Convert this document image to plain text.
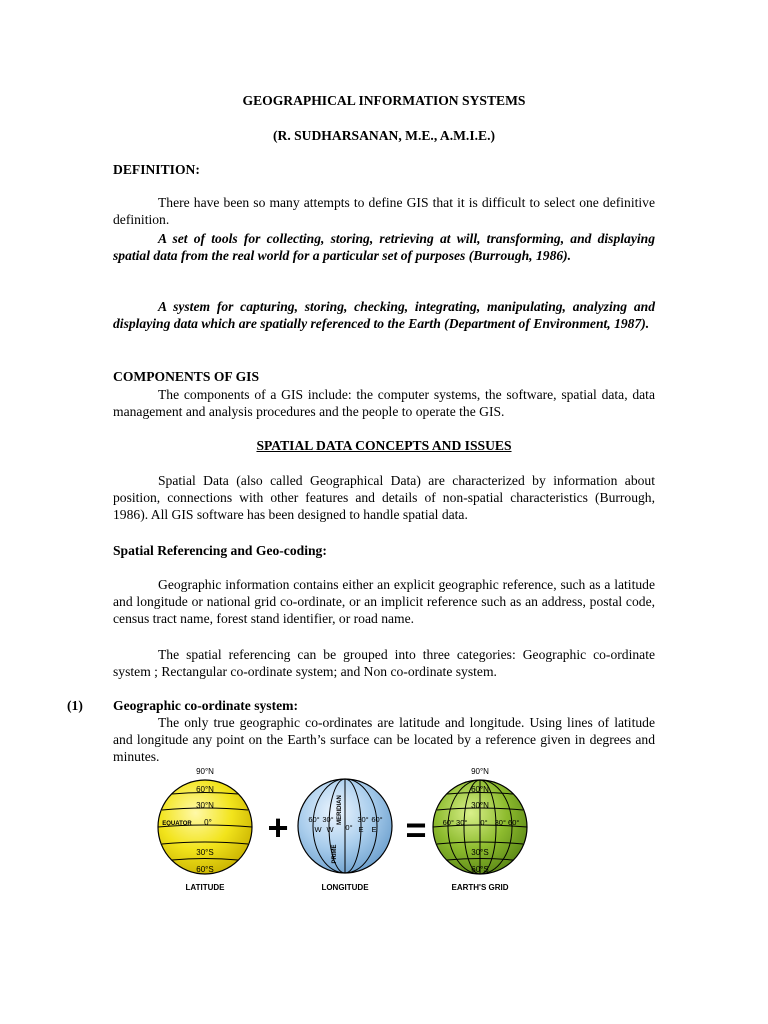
GEOGRAPHICAL INFORMATION SYSTEMS
(R. SUDHARSANAN, M.E., A.M.I.E.)
DEFINITION:
There have been so many attempts to define GIS that it is difficult to select one definitive definition.
A set of tools for collecting, storing, retrieving at will, transforming, and displaying spatial data from the real world for a particular set of purposes (Burrough, 1986).
A system for capturing, storing, checking, integrating, manipulating, analyzing and displaying data which are spatially referenced to the Earth (Department of Environment, 1987).
COMPONENTS OF GIS
The components of a GIS include: the computer systems, the software, spatial data, data management and analysis procedures and the people to operate the GIS.
SPATIAL DATA CONCEPTS AND ISSUES
Spatial Data (also called Geographical Data) are characterized by information about position, connections with other features and details of non-spatial characteristics (Burrough, 1986). All GIS software has been designed to handle spatial data.
Spatial Referencing and Geo-coding:
Geographic information contains either an explicit geographic reference, such as a latitude and longitude or national grid co-ordinate, or an implicit reference such as an address, postal code, census tract name, forest stand identifier, or road name.
The spatial referencing can be grouped into three categories: Geographic co-ordinate system ; Rectangular co-ordinate system; and Non co-ordinate system.
(1) Geographic co-ordinate system:
The only true geographic co-ordinates are latitude and longitude. Using lines of latitude and longitude any point on the Earth’s surface can be located by a reference given in degrees and minutes.
90°N
60°N
30°N
EQUATOR 0°
30°S
60°S
LATITUDE
+	MERIDIAN
PRIME
60° 30°
0°
30° 60°
W W	E E
LONGITUDE
=
90°N
60°N
30°N
60° 30° 0° 30° 60°
30°S
60°S
EARTH'S GRID
